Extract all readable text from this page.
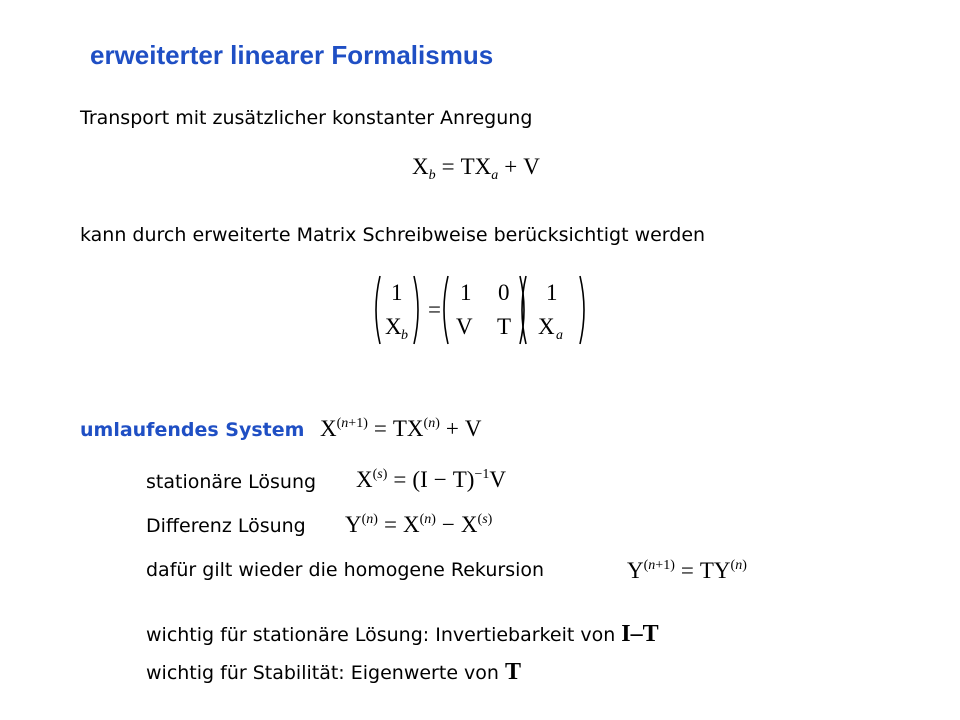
erweiterter linearer Formalismus
Transport mit zusätzlicher konstanter Anregung
$X_b = TX_a + V$
kann durch erweiterte Matrix Schreibweise berücksichtigt werden
1
X b
=
1 0
V T
1
X a
umlaufendes System $X^{(n+1)} = TX^{(n)} + V$
stationäre Lösung $X^{(s)} = (I - T)^{-1}V$
Differenz Lösung $Y^{(n)} = X^{(n)} - X^{(s)}$
dafür gilt wieder die homogene Rekursion	$Y^{(n+1)} = TY^{(n)}$
wichtig für stationäre Lösung: Invertiebarkeit von I–T
wichtig für Stabilität: Eigenwerte von T
